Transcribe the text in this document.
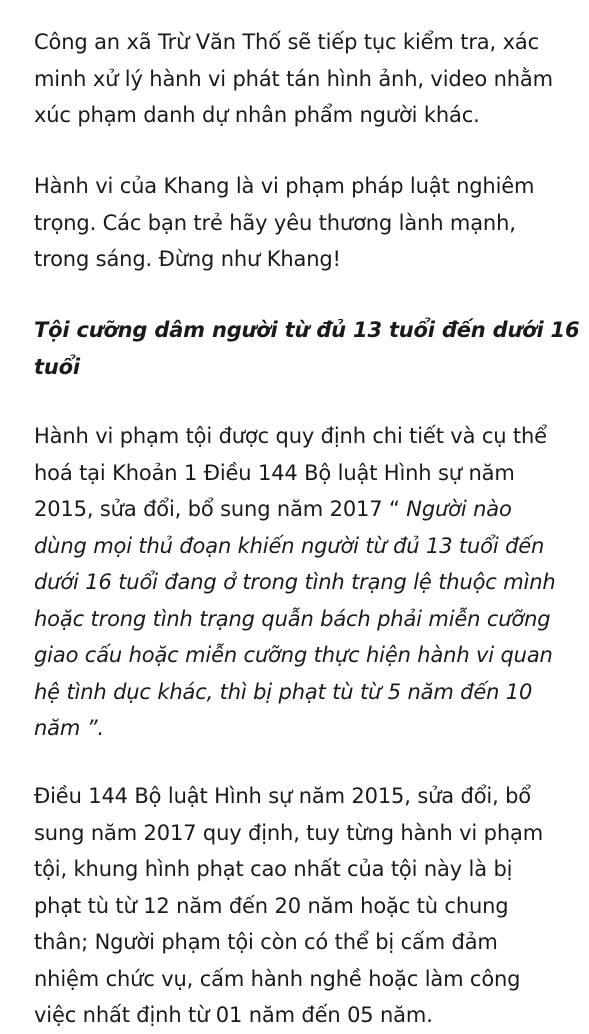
Công an xã Trừ Văn Thố sẽ tiếp tục kiểm tra, xác
minh xử lý hành vi phát tán hình ảnh, video nhằm
xúc phạm danh dự nhân phẩm người khác.

Hành vi của Khang là vi phạm pháp luật nghiêm
trọng. Các bạn trẻ hãy yêu thương lành mạnh,
trong sáng. Đừng như Khang!

Tội cưỡng dâm người từ đủ 13 tuổi đến dưới 16
tuổi

Hành vi phạm tội được quy định chi tiết và cụ thể
hoá tại Khoản 1 Điều 144 Bộ luật Hình sự năm
2015, sửa đổi, bổ sung năm 2017 “ Người nào
dùng mọi thủ đoạn khiến người từ đủ 13 tuổi đến
dưới 16 tuổi đang ở trong tình trạng lệ thuộc mình
hoặc trong tình trạng quẫn bách phải miễn cưỡng
giao cấu hoặc miễn cưỡng thực hiện hành vi quan
hệ tình dục khác, thì bị phạt tù từ 5 năm đến 10
năm ”.

Điều 144 Bộ luật Hình sự năm 2015, sửa đổi, bổ
sung năm 2017 quy định, tuy từng hành vi phạm
tội, khung hình phạt cao nhất của tội này là bị
phạt tù từ 12 năm đến 20 năm hoặc tù chung
thân; Người phạm tội còn có thể bị cấm đảm
nhiệm chức vụ, cấm hành nghề hoặc làm công
việc nhất định từ 01 năm đến 05 năm.
